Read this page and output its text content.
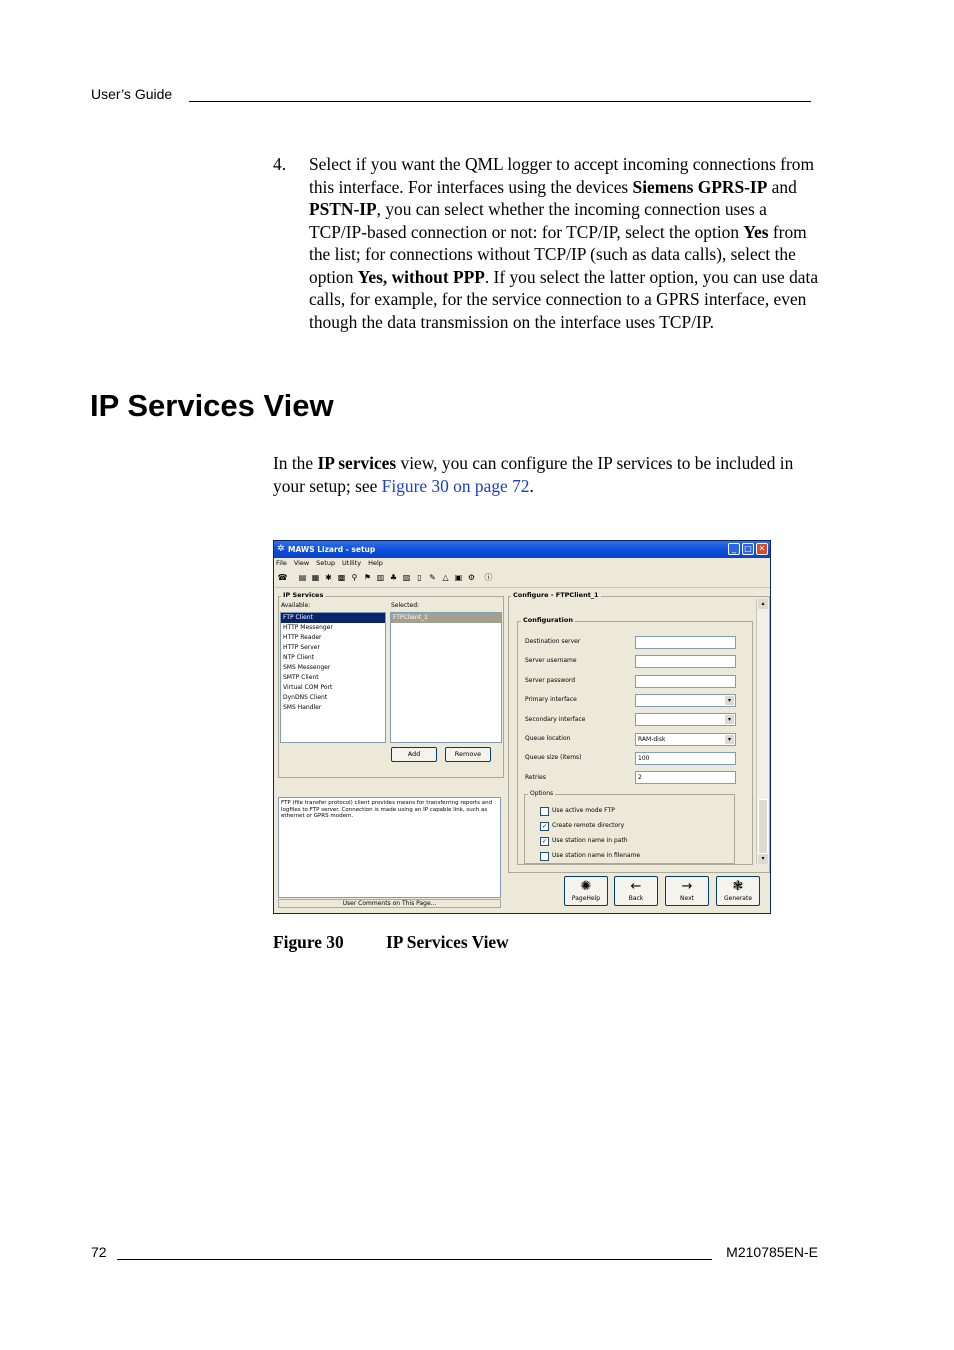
User’s Guide
4. Select if you want the QML logger to accept incoming connections from this interface. For interfaces using the devices Siemens GPRS-IP and PSTN-IP, you can select whether the incoming connection uses a TCP/IP-based connection or not: for TCP/IP, select the option Yes from the list; for connections without TCP/IP (such as data calls), select the option Yes, without PPP. If you select the latter option, you can use data calls, for example, for the service connection to a GPRS interface, even though the data transmission on the interface uses TCP/IP.
IP Services View
In the IP services view, you can configure the IP services to be included in your setup; see Figure 30 on page 72.
✲ MAWS Lizard - setup	_	□ ✕
File View Setup Utility Help
☎ ▤ ▦ ✱ ▩ ⚲ ⚑ ▥ ♣ ▨ ▯ ✎ △ ▣ ⚙ ⓘ
IP Services
Available:	Selected:
FTP Client
HTTP Messenger
HTTP Reader
HTTP Server
NTP Client
SMS Messenger
SMTP Client
Virtual COM Port
DynDNS Client
SMS Handler
FTPClient_1
Add	Remove
FTP (file transfer protocol) client provides means for transferring reports and logfiles to FTP server. Connection is made using an IP capable link, such as ethernet or GPRS modem.
User Comments on This Page...
Configure - FTPClient_1
Configuration
Destination server
Server username
Server password
Primary interface	▾
Secondary interface	▾
Queue location	RAM-disk	▾
Queue size (items)	100
Retries	2
Options
Use active mode FTP
✓ Create remote directory
✓ Use station name in path
Use station name in filename
▴
▾
✺
PageHelp
←
Back
→
Next
❃
Generate
Figure 30 IP Services View
72	M210785EN-E
